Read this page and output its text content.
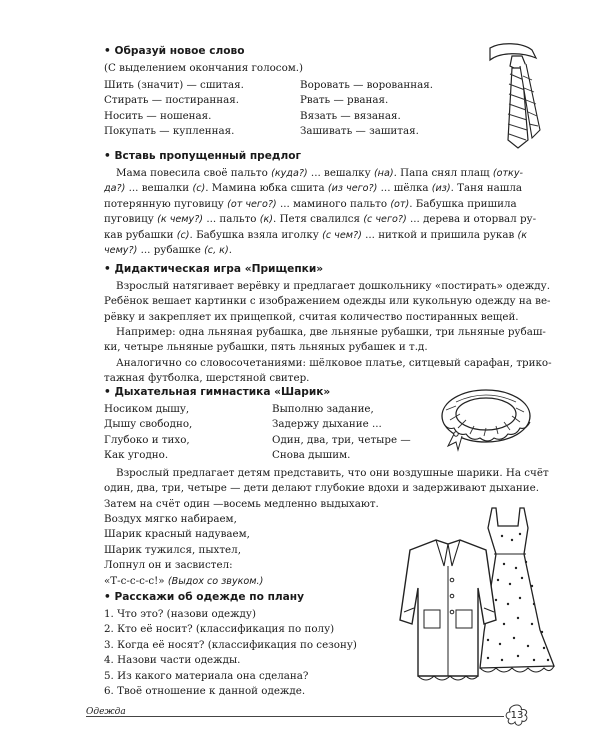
• Образуй новое слово
(С выделением окончания голосом.)
Шить (значит) — сшитая.
Стирать — постиранная.
Носить — ношеная.
Покупать — купленная.
Воровать — ворованная.
Рвать — рваная.
Вязать — вязаная.
Зашивать — зашитая.
• Вставь пропущенный предлог
Мама повесила своё пальто (куда?) ... вешалку (на). Папа снял плащ (отку-
да?) ... вешалки (с). Мамина юбка сшита (из чего?) ... шёлка (из). Таня нашла
потерянную пуговицу (от чего?) ... маминого пальто (от). Бабушка пришила
пуговицу (к чему?) ... пальто (к). Петя свалился (с чего?) ... дерева и оторвал ру-
кав рубашки (с). Бабушка взяла иголку (с чем?) ... ниткой и пришила рукав (к
чему?) ... рубашке (с, к).
• Дидактическая игра «Прищепки»
Взрослый натягивает верёвку и предлагает дошкольнику «постирать» одежду.
Ребёнок вешает картинки с изображением одежды или кукольную одежду на ве-
рёвку и закрепляет их прищепкой, считая количество постиранных вещей.
Например: одна льняная рубашка, две льняные рубашки, три льняные рубаш-
ки, четыре льняные рубашки, пять льняных рубашек и т.д.
Аналогично со словосочетаниями: шёлковое платье, ситцевый сарафан, трико-
тажная футболка, шерстяной свитер.
• Дыхательная гимнастика «Шарик»
Носиком дышу,
Дышу свободно,
Глубоко и тихо,
Как угодно.
Выполню задание,
Задержу дыхание ...
Один, два, три, четыре —
Снова дышим.
Взрослый предлагает детям представить, что они воздушные шарики. На счёт
один, два, три, четыре — дети делают глубокие вдохи и задерживают дыхание.
Затем на счёт один —восемь медленно выдыхают.
Воздух мягко набираем,
Шарик красный надуваем,
Шарик тужился, пыхтел,
Лопнул он и засвистел:
«Т-с-с-с-с!» (Выдох со звуком.)
• Расскажи об одежде по плану
1. Что это? (назови одежду)
2. Кто её носит? (классификация по полу)
3. Когда её носят? (классификация по сезону)
4. Назови части одежды.
5. Из какого материала она сделана?
6. Твоё отношение к данной одежде.
Одежда	13
